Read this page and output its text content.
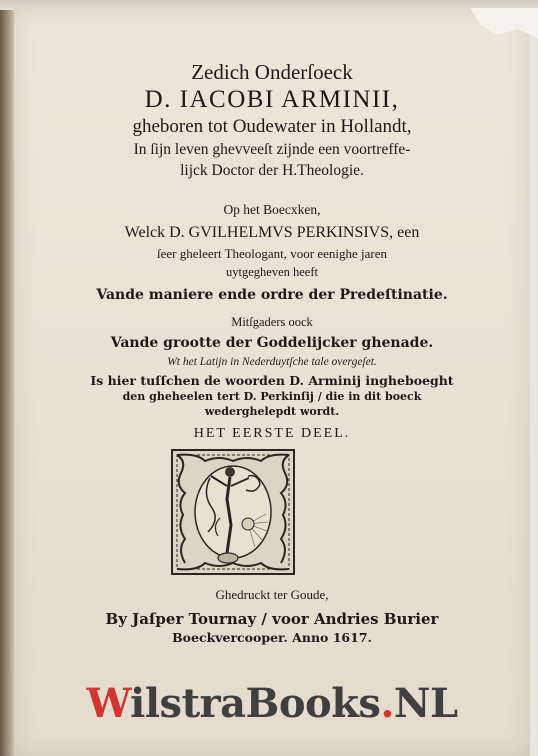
Zedich Onderſoeck
D. IACOBI ARMINII,
gheboren tot Oudewater in Hollandt,
In ſijn leven ghevveeſt zijnde een voortreffe-
lijck Doctor der H.Theologie.
Op het Boecxken,
Welck D. GVILHELMVS PERKINSIVS, een
ſeer gheleert Theologant, voor eenighe jaren
uytgegheven heeft
Vande maniere ende ordre der Predeſtinatie.
Mitſgaders oock
Vande grootte der Goddelijcker ghenade.
Wt het Latijn in Nederduytſche tale overgeſet.
Is hier tuſſchen de woorden D. Arminij ingheboeght
den gheheelen tert D. Perkinſij / die in dit boeck
wederghelepdt wordt.
HET EERSTE DEEL.
Ghedruckt ter Goude,
By Jaſper Tournay / voor Andries Burier
Boeckvercooper. Anno 1617.
WilstraBooks.NL
